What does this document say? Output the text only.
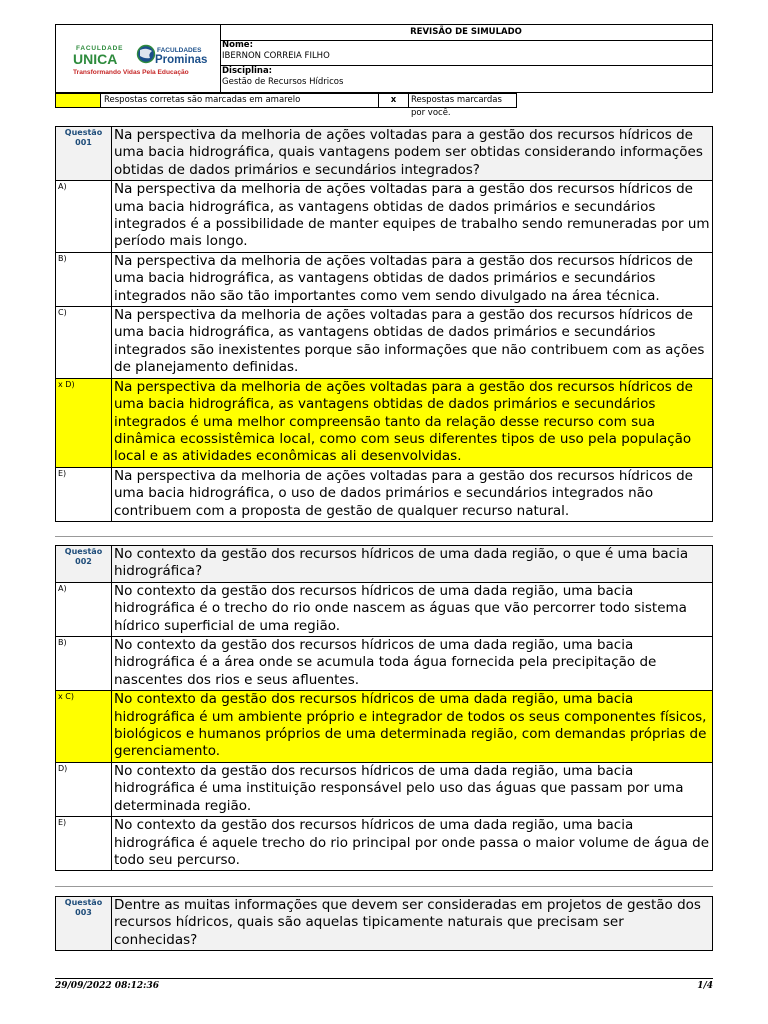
FACULDADE
UNICA
FACULDADES
Prominas
Transformando Vidas Pela Educação
REVISÃO DE SIMULADO
Nome:
IBERNON CORREIA FILHO
Disciplina:
Gestão de Recursos Hídricos
Respostas corretas são marcadas em amarelo	x	Respostas marcardas por você.
Questão
001	Na perspectiva da melhoria de ações voltadas para a gestão dos recursos hídricos de uma bacia hidrográfica, quais vantagens podem ser obtidas considerando informações obtidas de dados primários e secundários integrados?
A)	Na perspectiva da melhoria de ações voltadas para a gestão dos recursos hídricos de uma bacia hidrográfica, as vantagens obtidas de dados primários e secundários integrados é a possibilidade de manter equipes de trabalho sendo remuneradas por um período mais longo.
B)	Na perspectiva da melhoria de ações voltadas para a gestão dos recursos hídricos de uma bacia hidrográfica, as vantagens obtidas de dados primários e secundários integrados não são tão importantes como vem sendo divulgado na área técnica.
C)	Na perspectiva da melhoria de ações voltadas para a gestão dos recursos hídricos de uma bacia hidrográfica, as vantagens obtidas de dados primários e secundários integrados são inexistentes porque são informações que não contribuem com as ações de planejamento definidas.
x D)	Na perspectiva da melhoria de ações voltadas para a gestão dos recursos hídricos de uma bacia hidrográfica, as vantagens obtidas de dados primários e secundários integrados é uma melhor compreensão tanto da relação desse recurso com sua dinâmica ecossistêmica local, como com seus diferentes tipos de uso pela população local e as atividades econômicas ali desenvolvidas.
E)	Na perspectiva da melhoria de ações voltadas para a gestão dos recursos hídricos de uma bacia hidrográfica, o uso de dados primários e secundários integrados não contribuem com a proposta de gestão de qualquer recurso natural.
Questão
002	No contexto da gestão dos recursos hídricos de uma dada região, o que é uma bacia hidrográfica?
A)	No contexto da gestão dos recursos hídricos de uma dada região, uma bacia hidrográfica é o trecho do rio onde nascem as águas que vão percorrer todo sistema hídrico superficial de uma região.
B)	No contexto da gestão dos recursos hídricos de uma dada região, uma bacia hidrográfica é a área onde se acumula toda água fornecida pela precipitação de nascentes dos rios e seus afluentes.
x C)	No contexto da gestão dos recursos hídricos de uma dada região, uma bacia hidrográfica é um ambiente próprio e integrador de todos os seus componentes físicos, biológicos e humanos próprios de uma determinada região, com demandas próprias de gerenciamento.
D)	No contexto da gestão dos recursos hídricos de uma dada região, uma bacia hidrográfica é uma instituição responsável pelo uso das águas que passam por uma determinada região.
E)	No contexto da gestão dos recursos hídricos de uma dada região, uma bacia hidrográfica é aquele trecho do rio principal por onde passa o maior volume de água de todo seu percurso.
Questão
003	Dentre as muitas informações que devem ser consideradas em projetos de gestão dos recursos hídricos, quais são aquelas tipicamente naturais que precisam ser conhecidas?
29/09/2022 08:12:36	1/4
